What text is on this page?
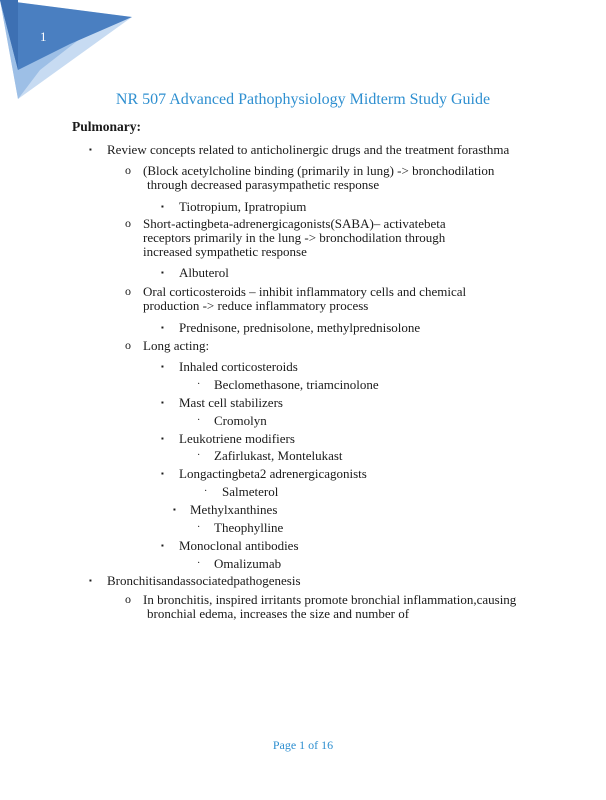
1
NR 507 Advanced Pathophysiology Midterm Study Guide
Pulmonary:
▪ Review concepts related to anticholinergic drugs and the treatment forasthma
o (Block acetylcholine binding (primarily in lung) -> bronchodilation
through decreased parasympathetic response
▪ Tiotropium, Ipratropium
o Short-actingbeta-adrenergicagonists(SABA)– activatebeta
receptors primarily in the lung -> bronchodilation through
increased sympathetic response
▪ Albuterol
o Oral corticosteroids – inhibit inflammatory cells and chemical
production -> reduce inflammatory process
▪ Prednisone, prednisolone, methylprednisolone
o Long acting:
▪ Inhaled corticosteroids
· Beclomethasone, triamcinolone
▪ Mast cell stabilizers
· Cromolyn
▪ Leukotriene modifiers
· Zafirlukast, Montelukast
▪ Longactingbeta2 adrenergicagonists
· Salmeterol
▪ Methylxanthines
· Theophylline
▪ Monoclonal antibodies
· Omalizumab
▪ Bronchitisandassociatedpathogenesis
o In bronchitis, inspired irritants promote bronchial inflammation,causing
bronchial edema, increases the size and number of
Page 1 of 16
